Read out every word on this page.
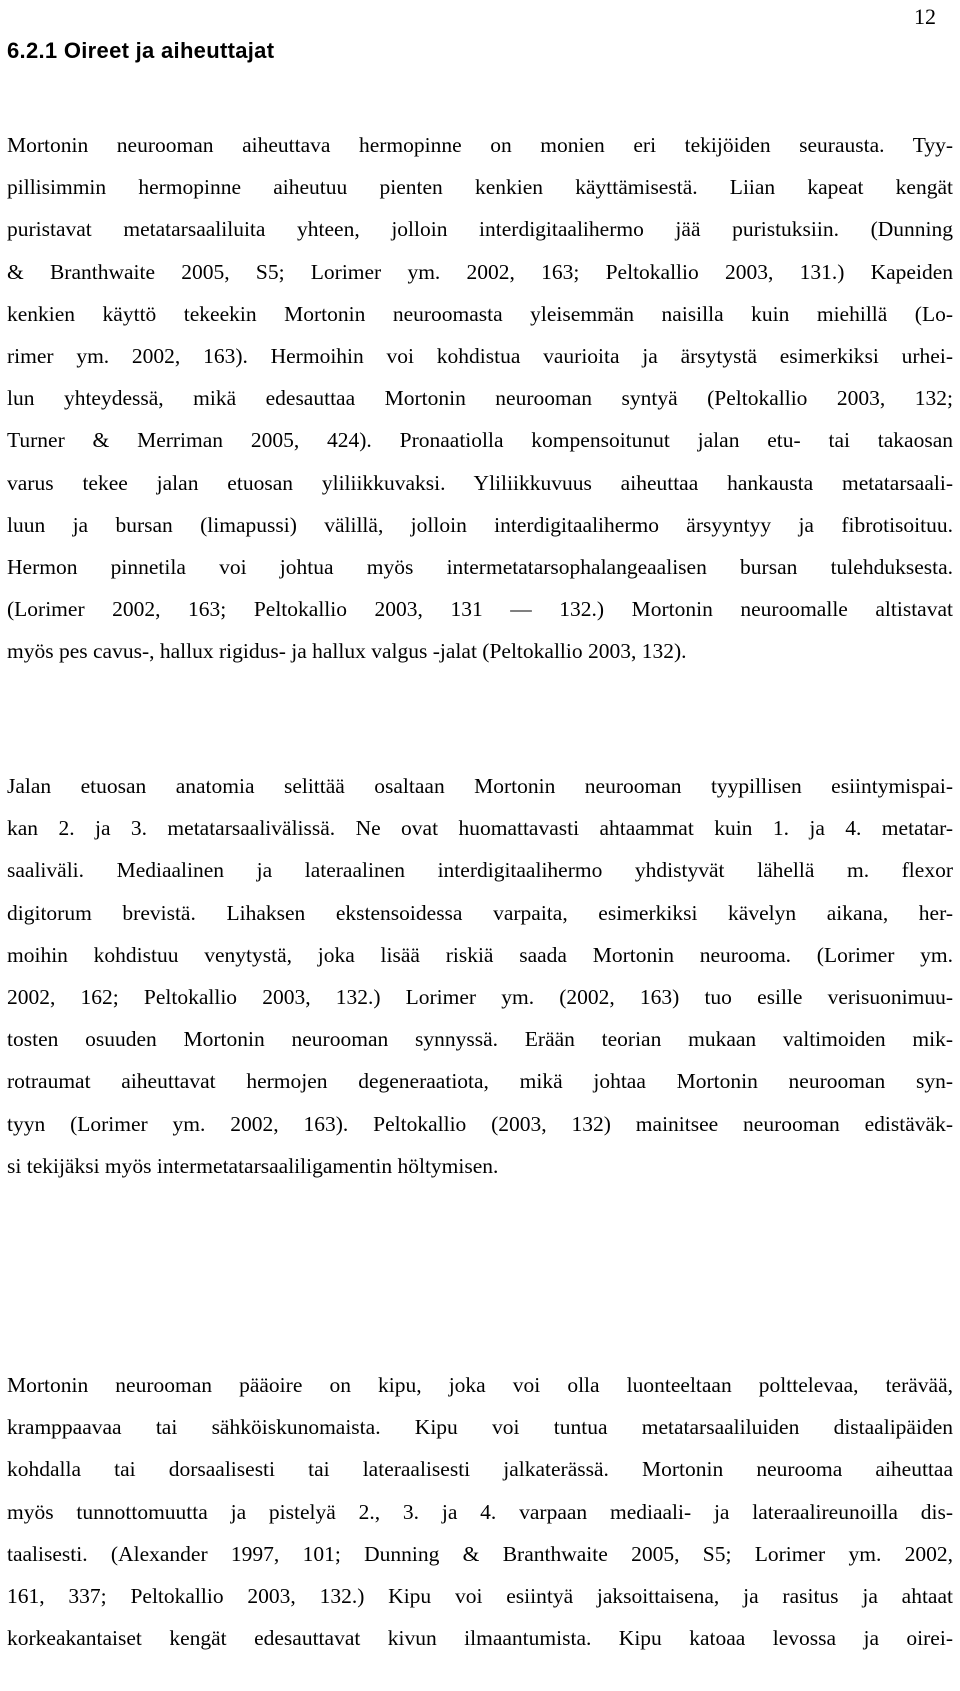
12
6.2.1 Oireet ja aiheuttajat
Mortonin neurooman aiheuttava hermopinne on monien eri tekijöiden seurausta. Tyy-
pillisimmin hermopinne aiheutuu pienten kenkien käyttämisestä. Liian kapeat kengät
puristavat metatarsaaliluita yhteen, jolloin interdigitaalihermo jää puristuksiin. (Dunning
& Branthwaite 2005, S5; Lorimer ym. 2002, 163; Peltokallio 2003, 131.) Kapeiden
kenkien käyttö tekeekin Mortonin neuroomasta yleisemmän naisilla kuin miehillä (Lo-
rimer ym. 2002, 163). Hermoihin voi kohdistua vaurioita ja ärsytystä esimerkiksi urhei-
lun yhteydessä, mikä edesauttaa Mortonin neurooman syntyä (Peltokallio 2003, 132;
Turner & Merriman 2005, 424). Pronaatiolla kompensoitunut jalan etu- tai takaosan
varus tekee jalan etuosan yliliikkuvaksi. Yliliikkuvuus aiheuttaa hankausta metatarsaali-
luun ja bursan (limapussi) välillä, jolloin interdigitaalihermo ärsyyntyy ja fibrotisoituu.
Hermon pinnetila voi johtua myös intermetatarsophalangeaalisen bursan tulehduksesta.
(Lorimer 2002, 163; Peltokallio 2003, 131 — 132.) Mortonin neuroomalle altistavat
myös pes cavus-, hallux rigidus- ja hallux valgus -jalat (Peltokallio 2003, 132).
Jalan etuosan anatomia selittää osaltaan Mortonin neurooman tyypillisen esiintymispai-
kan 2. ja 3. metatarsaalivälissä. Ne ovat huomattavasti ahtaammat kuin 1. ja 4. metatar-
saaliväli. Mediaalinen ja lateraalinen interdigitaalihermo yhdistyvät lähellä m. flexor
digitorum brevistä. Lihaksen ekstensoidessa varpaita, esimerkiksi kävelyn aikana, her-
moihin kohdistuu venytystä, joka lisää riskiä saada Mortonin neurooma. (Lorimer ym.
2002, 162; Peltokallio 2003, 132.) Lorimer ym. (2002, 163) tuo esille verisuonimuu-
tosten osuuden Mortonin neurooman synnyssä. Erään teorian mukaan valtimoiden mik-
rotraumat aiheuttavat hermojen degeneraatiota, mikä johtaa Mortonin neurooman syn-
tyyn (Lorimer ym. 2002, 163). Peltokallio (2003, 132) mainitsee neurooman edistäväk-
si tekijäksi myös intermetatarsaaliligamentin höltymisen.
Mortonin neurooman pääoire on kipu, joka voi olla luonteeltaan polttelevaa, terävää,
kramppaavaa tai sähköiskunomaista. Kipu voi tuntua metatarsaaliluiden distaalipäiden
kohdalla tai dorsaalisesti tai lateraalisesti jalkaterässä. Mortonin neurooma aiheuttaa
myös tunnottomuutta ja pistelyä 2., 3. ja 4. varpaan mediaali- ja lateraalireunoilla dis-
taalisesti. (Alexander 1997, 101; Dunning & Branthwaite 2005, S5; Lorimer ym. 2002,
161, 337; Peltokallio 2003, 132.) Kipu voi esiintyä jaksoittaisena, ja rasitus ja ahtaat
korkeakantaiset kengät edesauttavat kivun ilmaantumista. Kipu katoaa levossa ja oirei-
